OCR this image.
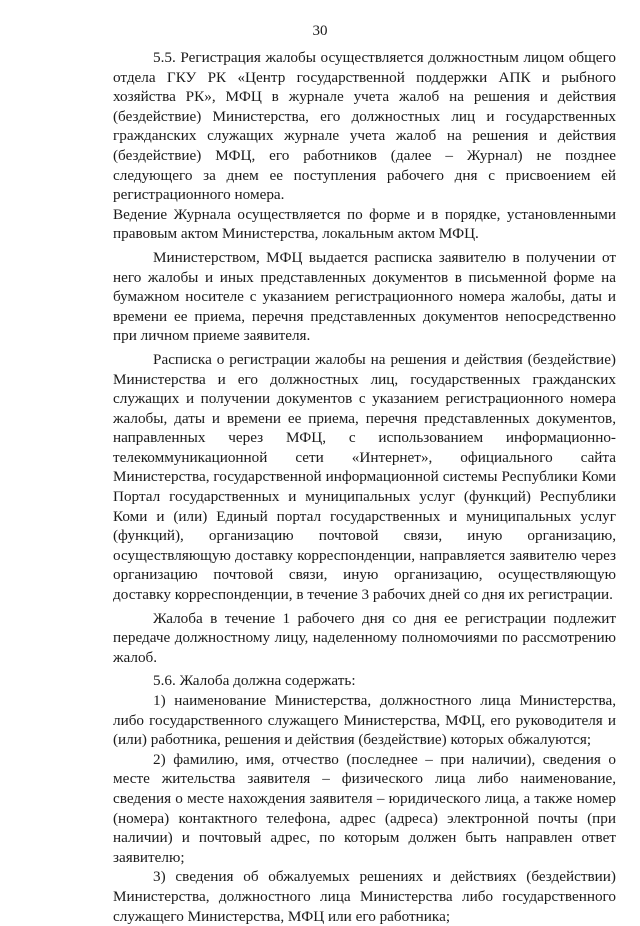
30

5.5. Регистрация жалобы осуществляется должностным лицом общего отдела ГКУ РК «Центр государственной поддержки АПК и рыбного хозяйства РК», МФЦ в журнале учета жалоб на решения и действия (бездействие) Министерства, его должностных лиц и государственных гражданских служащих журнале учета жалоб на решения и действия (бездействие) МФЦ, его работников (далее – Журнал) не позднее следующего за днем ее поступления рабочего дня с присвоением ей регистрационного номера.

Ведение Журнала осуществляется по форме и в порядке, установленными правовым актом Министерства, локальным актом МФЦ.

Министерством, МФЦ выдается расписка заявителю в получении от него жалобы и иных представленных документов в письменной форме на бумажном носителе с указанием регистрационного номера жалобы, даты и времени ее приема, перечня представленных документов непосредственно при личном приеме заявителя.

Расписка о регистрации жалобы на решения и действия (бездействие) Министерства и его должностных лиц, государственных гражданских служащих и получении документов с указанием регистрационного номера жалобы, даты и времени ее приема, перечня представленных документов, направленных через МФЦ, с использованием информационно-телекоммуникационной сети «Интернет», официального сайта Министерства, государственной информационной системы Республики Коми Портал государственных и муниципальных услуг (функций) Республики Коми и (или) Единый портал государственных и муниципальных услуг (функций), организацию почтовой связи, иную организацию, осуществляющую доставку корреспонденции, направляется заявителю через организацию почтовой связи, иную организацию, осуществляющую доставку корреспонденции, в течение 3 рабочих дней со дня их регистрации.

Жалоба в течение 1 рабочего дня со дня ее регистрации подлежит передаче должностному лицу, наделенному полномочиями по рассмотрению жалоб.

5.6. Жалоба должна содержать:

1) наименование Министерства, должностного лица Министерства, либо государственного служащего Министерства, МФЦ, его руководителя и (или) работника, решения и действия (бездействие) которых обжалуются;

2) фамилию, имя, отчество (последнее – при наличии), сведения о месте жительства заявителя – физического лица либо наименование, сведения о месте нахождения заявителя – юридического лица, а также номер (номера) контактного телефона, адрес (адреса) электронной почты (при наличии) и почтовый адрес, по которым должен быть направлен ответ заявителю;

3) сведения об обжалуемых решениях и действиях (бездействии) Министерства, должностного лица Министерства либо государственного служащего Министерства, МФЦ или его работника;
